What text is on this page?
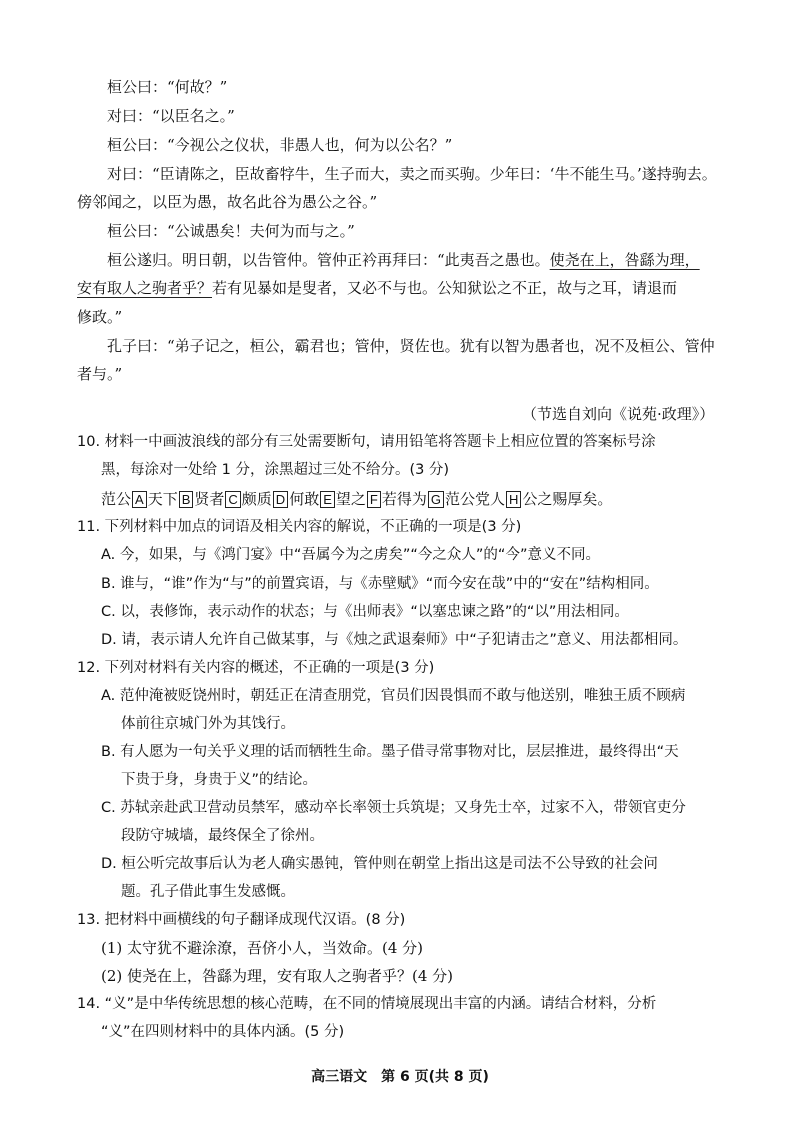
桓公曰：“何故？”
对曰：“以臣名之。”
桓公曰：“今视公之仪状，非愚人也，何为以公名？”
对曰：“臣请陈之，臣故畜牸牛，生子而大，卖之而买驹。少年曰：‘牛不能生马。’遂持驹去。
傍邻闻之，以臣为愚，故名此谷为愚公之谷。”
桓公曰：“公诚愚矣！夫何为而与之。”
桓公遂归。明日朝，以告管仲。管仲正衿再拜曰：“此夷吾之愚也。使尧在上，咎繇为理，
安有取人之驹者乎？若有见暴如是叟者，又必不与也。公知狱讼之不正，故与之耳，请退而
修政。”
孔子曰：“弟子记之，桓公，霸君也；管仲，贤佐也。犹有以智为愚者也，况不及桓公、管仲
者与。”
（节选自刘向《说苑·政理》）
10. 材料一中画波浪线的部分有三处需要断句，请用铅笔将答题卡上相应位置的答案标号涂
黑，每涂对一处给 1 分，涂黑超过三处不给分。(3 分)
范公 A 天下 B 贤者 C 颇质 D 何敢 E 望之 F 若得为 G 范公党人 H 公之赐厚矣。
11. 下列材料中加点的词语及相关内容的解说，不正确的一项是(3 分)
A. 今，如果，与《鸿门宴》中“吾属今为之虏矣”“今之众人”的“今”意义不同。
B. 谁与，“谁”作为“与”的前置宾语，与《赤壁赋》“而今安在哉”中的“安在”结构相同。
C. 以，表修饰，表示动作的状态；与《出师表》“以塞忠谏之路”的“以”用法相同。
D. 请，表示请人允许自己做某事，与《烛之武退秦师》中“子犯请击之”意义、用法都相同。
12. 下列对材料有关内容的概述，不正确的一项是(3 分)
A. 范仲淹被贬饶州时，朝廷正在清查朋党，官员们因畏惧而不敢与他送别，唯独王质不顾病
体前往京城门外为其饯行。
B. 有人愿为一句关乎义理的话而牺牲生命。墨子借寻常事物对比，层层推进，最终得出“天
下贵于身，身贵于义”的结论。
C. 苏轼亲赴武卫营动员禁军，感动卒长率领士兵筑堤；又身先士卒，过家不入，带领官吏分
段防守城墙，最终保全了徐州。
D. 桓公听完故事后认为老人确实愚钝，管仲则在朝堂上指出这是司法不公导致的社会问
题。孔子借此事生发感慨。
13. 把材料中画横线的句子翻译成现代汉语。(8 分)
(1) 太守犹不避涂潦，吾侪小人，当效命。(4 分)
(2) 使尧在上，咎繇为理，安有取人之驹者乎？(4 分)
14. “义”是中华传统思想的核心范畴，在不同的情境展现出丰富的内涵。请结合材料，分析
“义”在四则材料中的具体内涵。(5 分)
高三语文　第 6 页(共 8 页)
